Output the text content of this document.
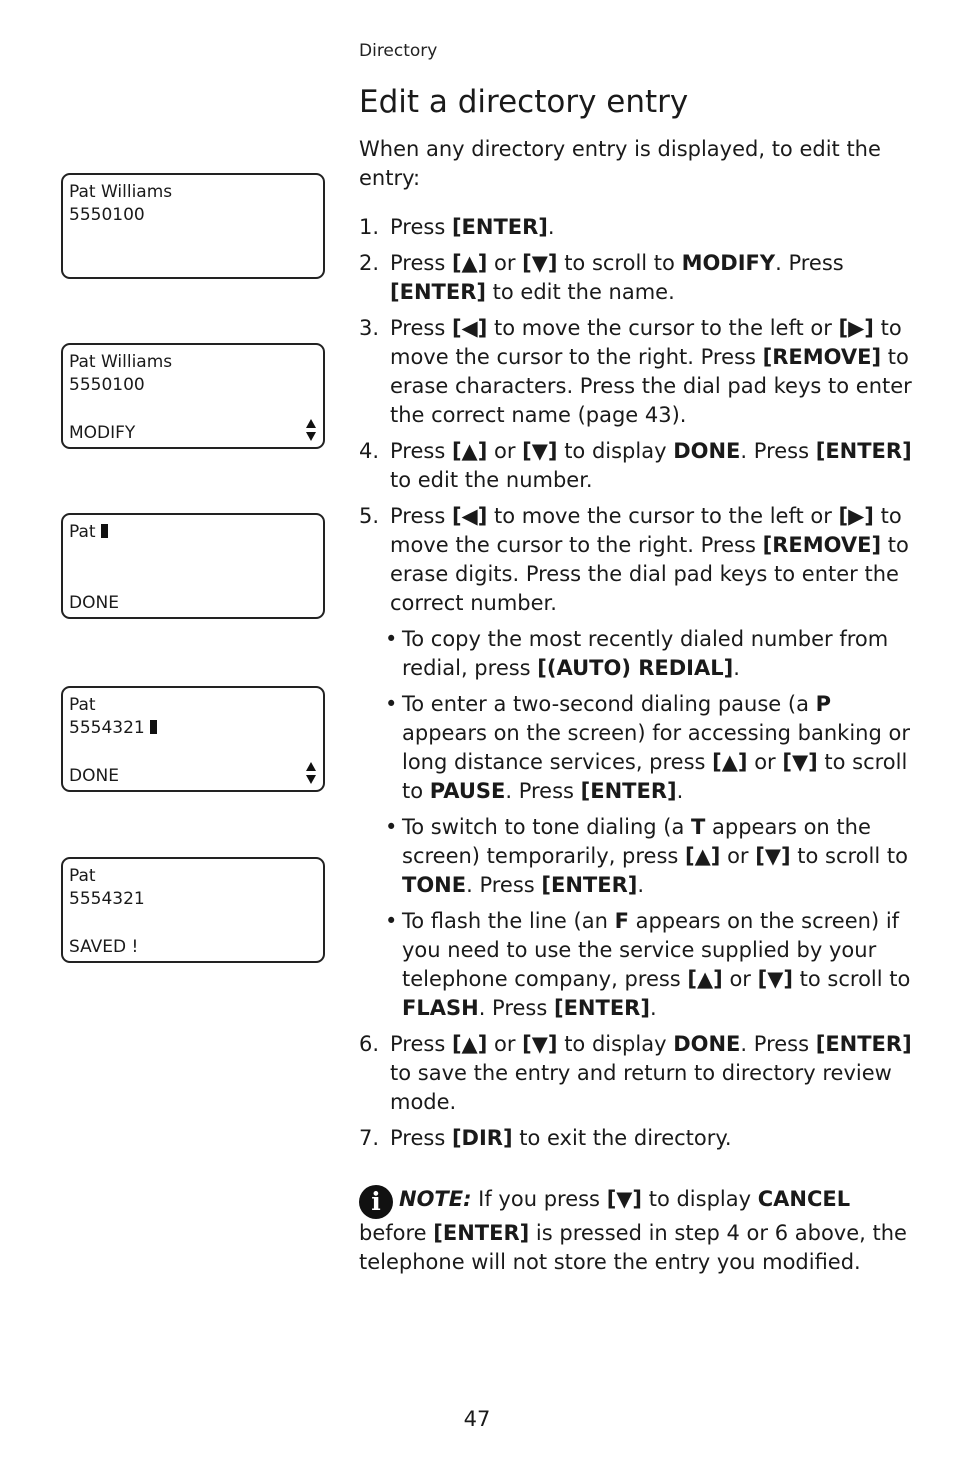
Directory
Edit a directory entry
Pat Williams
5550100
Pat Williams
5550100
MODIFY
Pat
DONE
Pat
5554321
DONE
Pat
5554321
SAVED !

When any directory entry is displayed, to edit the entry:

1. Press [ENTER].
2. Press [▲] or [▼] to scroll to MODIFY. Press [ENTER] to edit the name.
3. Press [◀] to move the cursor to the left or [▶] to move the cursor to the right. Press [REMOVE] to erase characters. Press the dial pad keys to enter the correct name (page 43).
4. Press [▲] or [▼] to display DONE. Press [ENTER] to edit the number.
5. Press [◀] to move the cursor to the left or [▶] to move the cursor to the right. Press [REMOVE] to erase digits. Press the dial pad keys to enter the correct number.
• To copy the most recently dialed number from redial, press [(AUTO) REDIAL].
• To enter a two-second dialing pause (a P appears on the screen) for accessing banking or long distance services, press [▲] or [▼] to scroll to PAUSE. Press [ENTER].
• To switch to tone dialing (a T appears on the screen) temporarily, press [▲] or [▼] to scroll to TONE. Press [ENTER].
• To flash the line (an F appears on the screen) if you need to use the service supplied by your telephone company, press [▲] or [▼] to scroll to FLASH. Press [ENTER].
6. Press [▲] or [▼] to display DONE. Press [ENTER] to save the entry and return to directory review mode.
7. Press [DIR] to exit the directory.
i NOTE: If you press [▼] to display CANCEL before [ENTER] is pressed in step 4 or 6 above, the telephone will not store the entry you modified.
47
